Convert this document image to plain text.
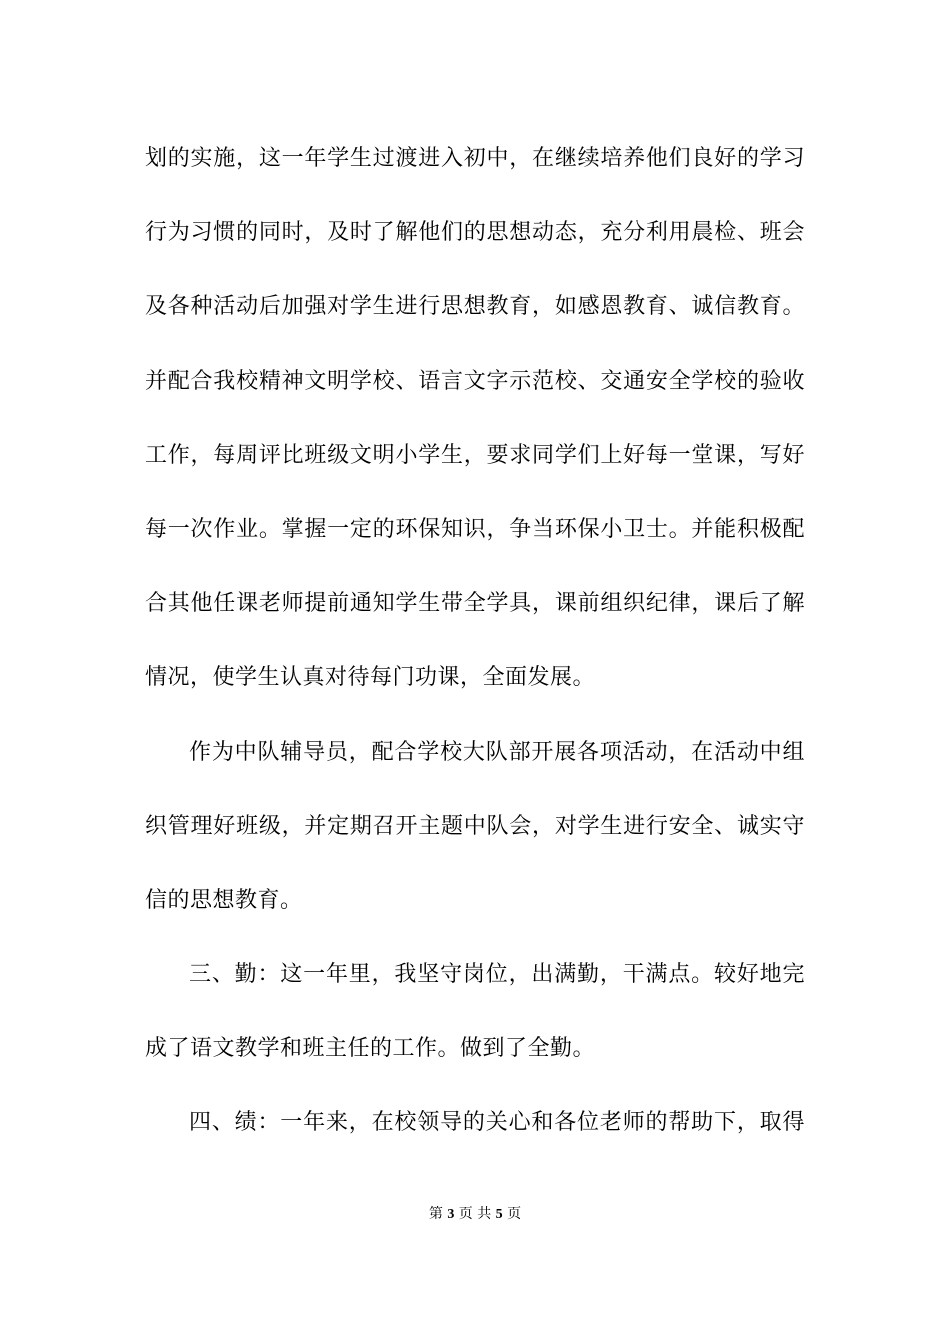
划的实施，这一年学生过渡进入初中，在继续培养他们良好的学习
行为习惯的同时，及时了解他们的思想动态，充分利用晨检、班会
及各种活动后加强对学生进行思想教育，如感恩教育、诚信教育。
并配合我校精神文明学校、语言文字示范校、交通安全学校的验收
工作，每周评比班级文明小学生，要求同学们上好每一堂课，写好
每一次作业。掌握一定的环保知识，争当环保小卫士。并能积极配
合其他任课老师提前通知学生带全学具，课前组织纪律，课后了解
情况，使学生认真对待每门功课，全面发展。
作为中队辅导员，配合学校大队部开展各项活动，在活动中组
织管理好班级，并定期召开主题中队会，对学生进行安全、诚实守
信的思想教育。
三、勤：这一年里，我坚守岗位，出满勤，干满点。较好地完
成了语文教学和班主任的工作。做到了全勤。
四、绩：一年来，在校领导的关心和各位老师的帮助下，取得
第 3 页 共 5 页
